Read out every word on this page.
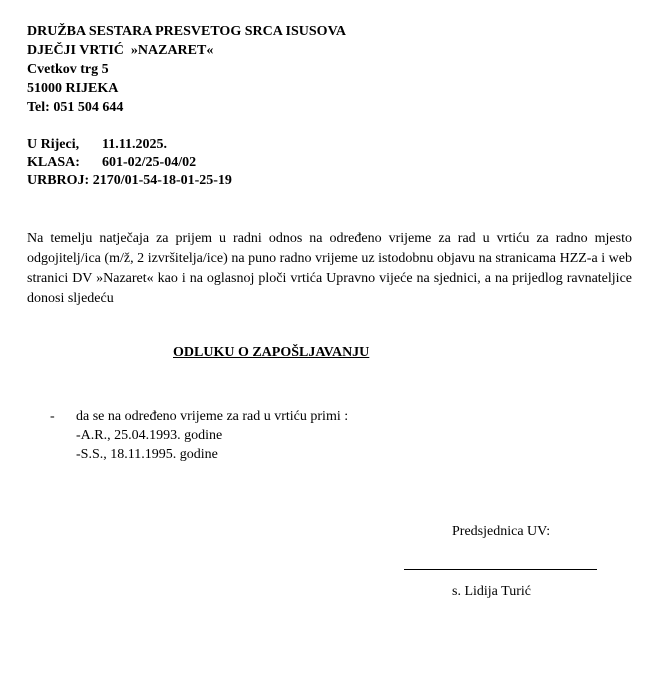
DRUŽBA SESTARA PRESVETOG SRCA ISUSOVA
DJEČJI VRTIĆ  »NAZARET«
Cvetkov trg 5
51000 RIJEKA
Tel: 051 504 644
U Rijeci, 11.11.2025.
KLASA: 601-02/25-04/02
URBROJ: 2170/01-54-18-01-25-19
Na temelju natječaja za prijem u radni odnos na određeno vrijeme za rad u vrtiću za radno mjesto odgojitelj/ica (m/ž, 2 izvršitelja/ice) na puno radno vrijeme uz istodobnu objavu na stranicama HZZ-a i web stranici DV »Nazaret« kao i na oglasnoj ploči vrtića Upravno vijeće na sjednici, a na prijedlog ravnateljice donosi sljedeću
ODLUKU O ZAPOŠLJAVANJU
- da se na određeno vrijeme za rad u vrtiću primi :
-A.R., 25.04.1993. godine
-S.S., 18.11.1995. godine
Predsjednica UV:
s. Lidija Turić
